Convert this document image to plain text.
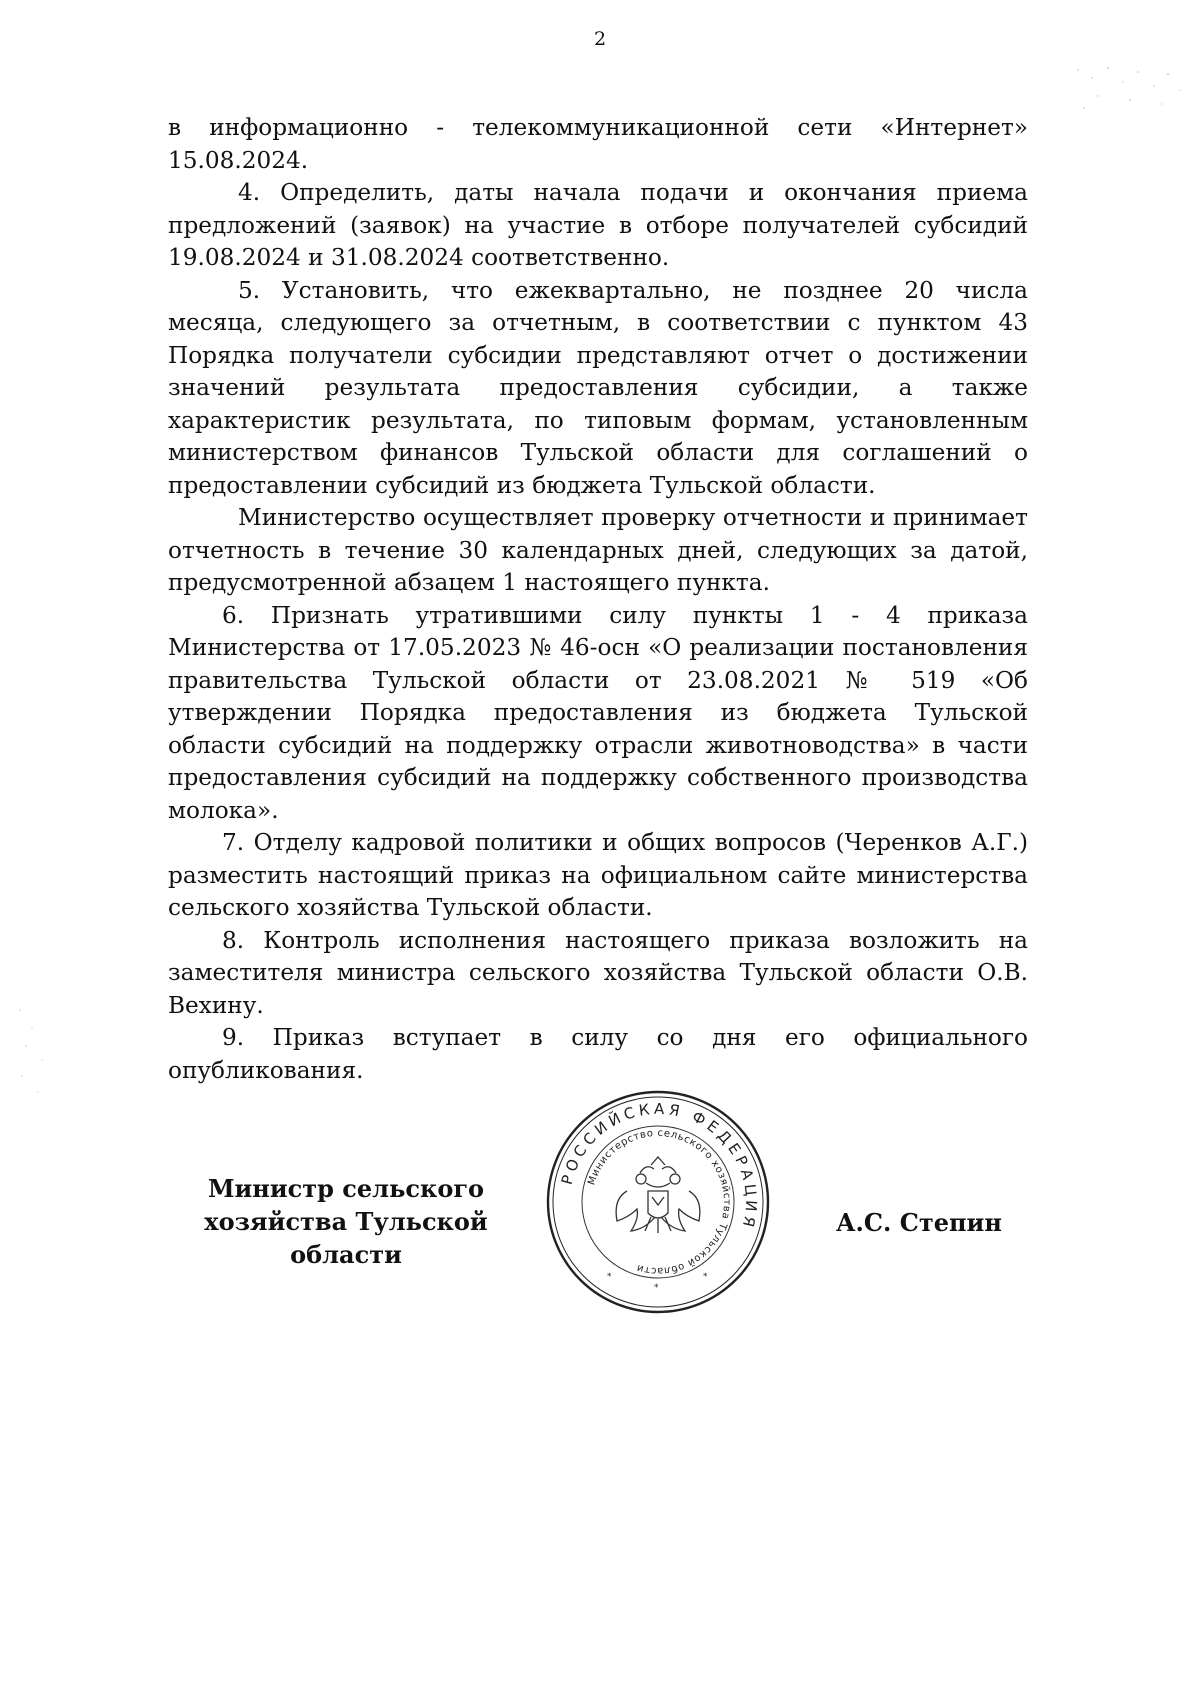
2

в информационно - телекоммуникационной сети «Интернет» 15.08.2024.

4. Определить, даты начала подачи и окончания приема предложений (заявок) на участие в отборе получателей субсидий 19.08.2024 и 31.08.2024 соответственно.

5. Установить, что ежеквартально, не позднее 20 числа месяца, следующего за отчетным, в соответствии с пунктом 43 Порядка получатели субсидии представляют отчет о достижении значений результата предоставления субсидии, а также характеристик результата, по типовым формам, установленным министерством финансов Тульской области для соглашений о предоставлении субсидий из бюджета Тульской области.

Министерство осуществляет проверку отчетности и принимает отчетность в течение 30 календарных дней, следующих за датой, предусмотренной абзацем 1 настоящего пункта.

6. Признать утратившими силу пункты 1 - 4 приказа Министерства от 17.05.2023 № 46-осн «О реализации постановления правительства Тульской области от 23.08.2021 № 519 «Об утверждении Порядка предоставления из бюджета Тульской области субсидий на поддержку отрасли животноводства» в части предоставления субсидий на поддержку собственного производства молока».

7. Отделу кадровой политики и общих вопросов (Черенков А.Г.) разместить настоящий приказ на официальном сайте министерства сельского хозяйства Тульской области.

8. Контроль исполнения настоящего приказа возложить на заместителя министра сельского хозяйства Тульской области О.В. Вехину.

9. Приказ вступает в силу со дня его официального опубликования.

Министр сельского
хозяйства Тульской
области
РОССИЙСКАЯ ФЕДЕРАЦИЯ
Министерство сельского хозяйства Тульской области
*
*
*
А.С. Степин
